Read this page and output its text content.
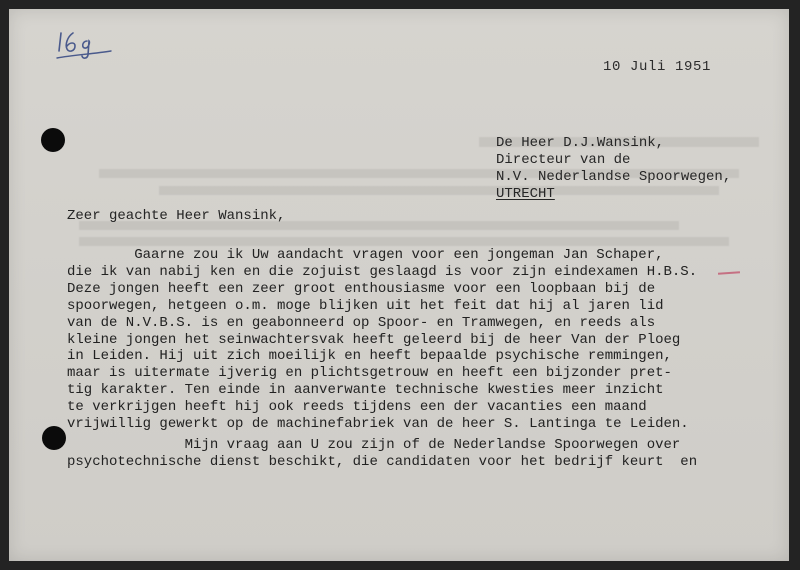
10 Juli 1951
De Heer D.J.Wansink,
Directeur van de
N.V. Nederlandse Spoorwegen,
UTRECHT
Zeer geachte Heer Wansink,
Gaarne zou ik Uw aandacht vragen voor een jongeman Jan Schaper,
die ik van nabij ken en die zojuist geslaagd is voor zijn eindexamen H.B.S.
Deze jongen heeft een zeer groot enthousiasme voor een loopbaan bij de
spoorwegen, hetgeen o.m. moge blijken uit het feit dat hij al jaren lid
van de N.V.B.S. is en geabonneerd op Spoor- en Tramwegen, en reeds als
kleine jongen het seinwachtersvak heeft geleerd bij de heer Van der Ploeg
in Leiden. Hij uit zich moeilijk en heeft bepaalde psychische remmingen,
maar is uitermate ijverig en plichtsgetrouw en heeft een bijzonder pret-
tig karakter. Ten einde in aanverwante technische kwesties meer inzicht
te verkrijgen heeft hij ook reeds tijdens een der vacanties een maand
vrijwillig gewerkt op de machinefabriek van de heer S. Lantinga te Leiden.
Mijn vraag aan U zou zijn of de Nederlandse Spoorwegen over
psychotechnische dienst beschikt, die candidaten voor het bedrijf keurt  en
